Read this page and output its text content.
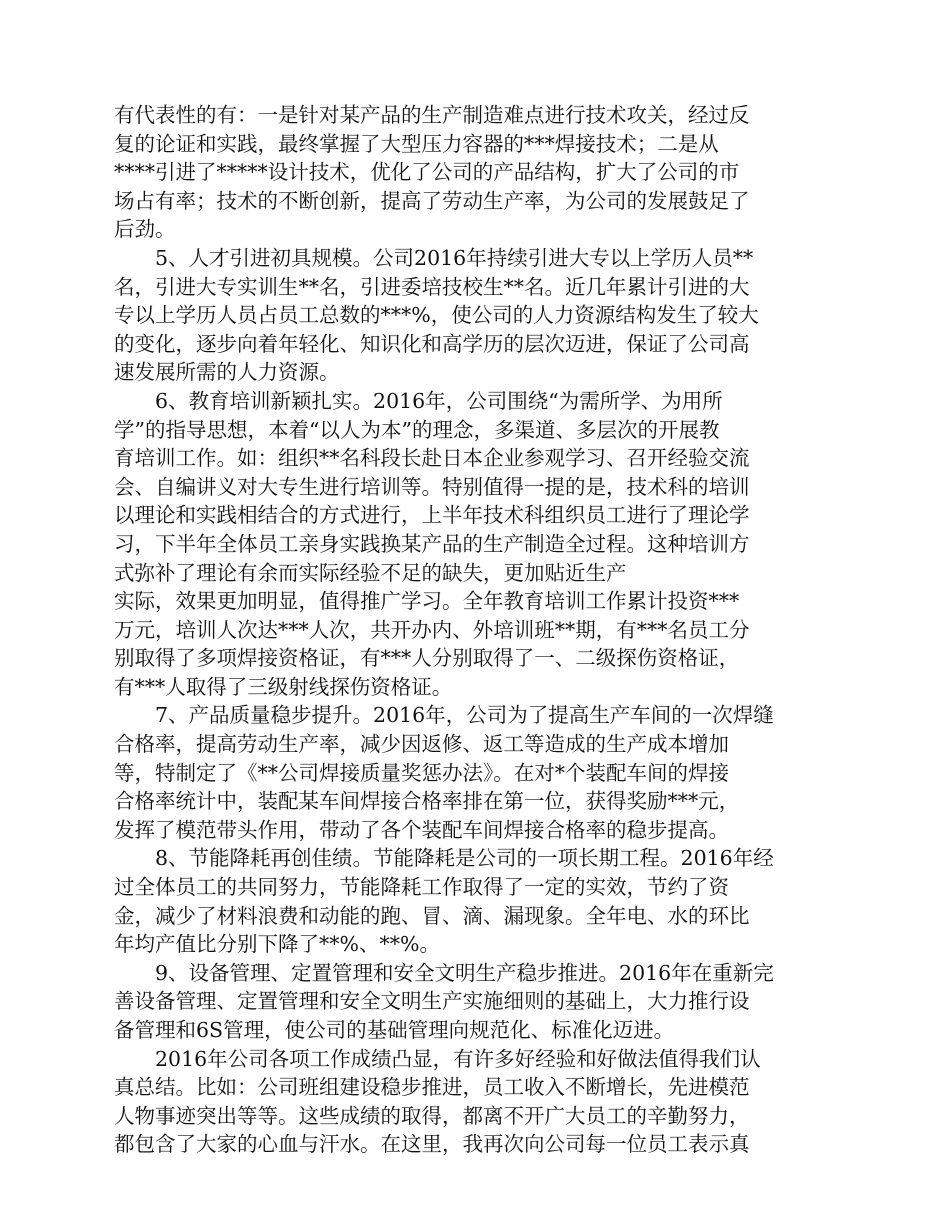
有代表性的有：一是针对某产品的生产制造难点进行技术攻关，经过反
复的论证和实践，最终掌握了大型压力容器的***焊接技术；二是从
****引进了*****设计技术，优化了公司的产品结构，扩大了公司的市
场占有率；技术的不断创新，提高了劳动生产率，为公司的发展鼓足了
后劲。
　　5、人才引进初具规模。公司2016年持续引进大专以上学历人员**
名，引进大专实训生**名，引进委培技校生**名。近几年累计引进的大
专以上学历人员占员工总数的***%，使公司的人力资源结构发生了较大
的变化，逐步向着年轻化、知识化和高学历的层次迈进，保证了公司高
速发展所需的人力资源。
　　6、教育培训新颖扎实。2016年，公司围绕“为需所学、为用所
学”的指导思想，本着“以人为本”的理念，多渠道、多层次的开展教
育培训工作。如：组织**名科段长赴日本企业参观学习、召开经验交流
会、自编讲义对大专生进行培训等。特别值得一提的是，技术科的培训
以理论和实践相结合的方式进行，上半年技术科组织员工进行了理论学
习，下半年全体员工亲身实践换某产品的生产制造全过程。这种培训方
式弥补了理论有余而实际经验不足的缺失，更加贴近生产
实际，效果更加明显，值得推广学习。全年教育培训工作累计投资***
万元，培训人次达***人次，共开办内、外培训班**期，有***名员工分
别取得了多项焊接资格证，有***人分别取得了一、二级探伤资格证，
有***人取得了三级射线探伤资格证。
　　7、产品质量稳步提升。2016年，公司为了提高生产车间的一次焊缝
合格率，提高劳动生产率，减少因返修、返工等造成的生产成本增加
等，特制定了《**公司焊接质量奖惩办法》。在对*个装配车间的焊接
合格率统计中，装配某车间焊接合格率排在第一位，获得奖励***元，
发挥了模范带头作用，带动了各个装配车间焊接合格率的稳步提高。
　　8、节能降耗再创佳绩。节能降耗是公司的一项长期工程。2016年经
过全体员工的共同努力，节能降耗工作取得了一定的实效，节约了资
金，减少了材料浪费和动能的跑、冒、滴、漏现象。全年电、水的环比
年均产值比分别下降了**%、**%。
　　9、设备管理、定置管理和安全文明生产稳步推进。2016年在重新完
善设备管理、定置管理和安全文明生产实施细则的基础上，大力推行设
备管理和6S管理，使公司的基础管理向规范化、标准化迈进。
　　2016年公司各项工作成绩凸显，有许多好经验和好做法值得我们认
真总结。比如：公司班组建设稳步推进，员工收入不断增长，先进模范
人物事迹突出等等。这些成绩的取得，都离不开广大员工的辛勤努力，
都包含了大家的心血与汗水。在这里，我再次向公司每一位员工表示真
